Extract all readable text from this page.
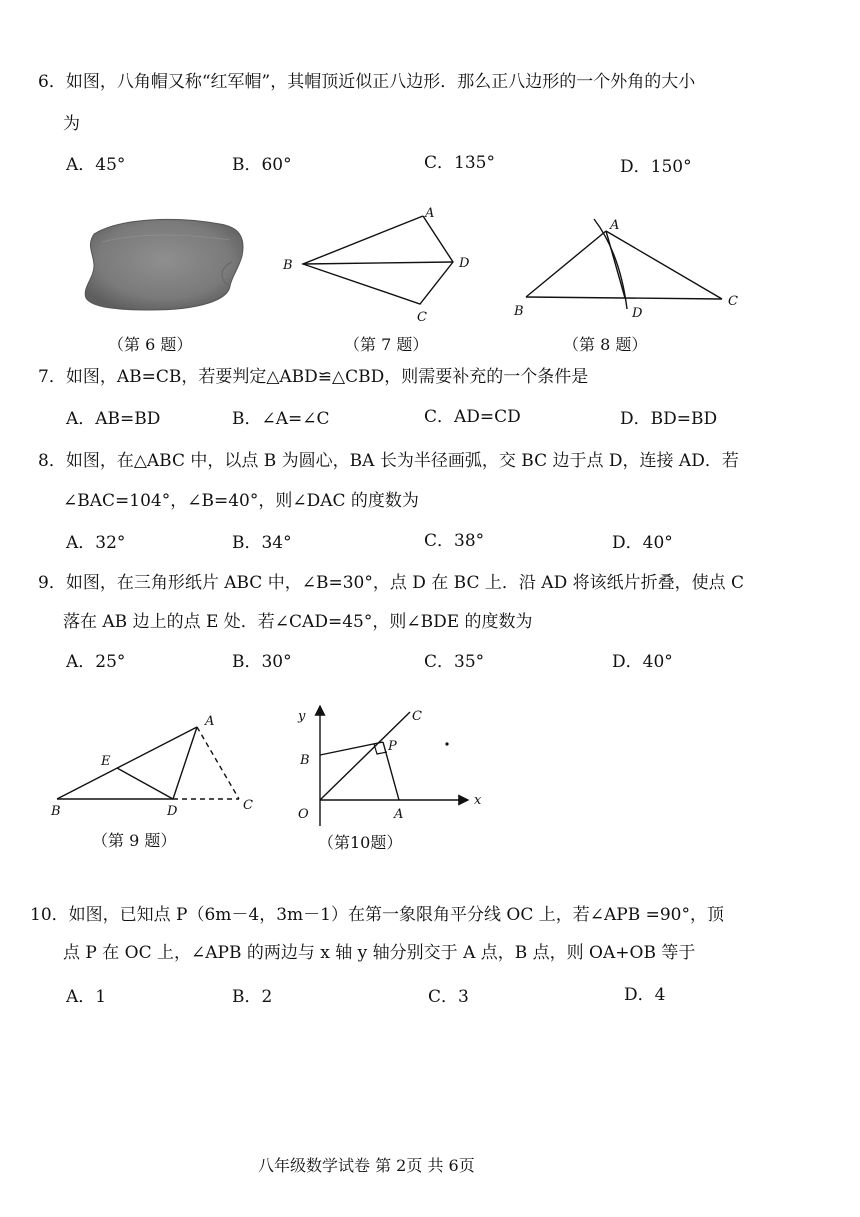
6．如图，八角帽又称“红军帽”，其帽顶近似正八边形．那么正八边形的一个外角的大小
为
A．45°	B．60°	C．135°	D．150°
A
B	D
C
A
B	D
C
（第 6 题）	（第 7 题）	（第 8 题）
7．如图，AB=CB，若要判定△ABD≌△CBD，则需要补充的一个条件是
A．AB=BD	B．∠A=∠C	C．AD=CD	D．BD=BD
8．如图，在△ABC 中，以点 B 为圆心，BA 长为半径画弧，交 BC 边于点 D，连接 AD．若
∠BAC=104°，∠B=40°，则∠DAC 的度数为
A．32°	B．34°	C．38°	D．40°
9．如图，在三角形纸片 ABC 中，∠B=30°，点 D 在 BC 上．沿 AD 将该纸片折叠，使点 C
落在 AB 边上的点 E 处．若∠CAD=45°，则∠BDE 的度数为
A．25°	B．30°	C．35°	D．40°
A
E
B	D	C
y
x
O	A
B
C
P
（第 9 题）	（第10题）
10．如图，已知点 P（6m－4，3m－1）在第一象限角平分线 OC 上，若∠APB =90°，顶
点 P 在 OC 上，∠APB 的两边与 x 轴 y 轴分别交于 A 点，B 点，则 OA+OB 等于
A．1	B．2	C．3	D．4
八年级数学试卷 第 2页 共 6页
